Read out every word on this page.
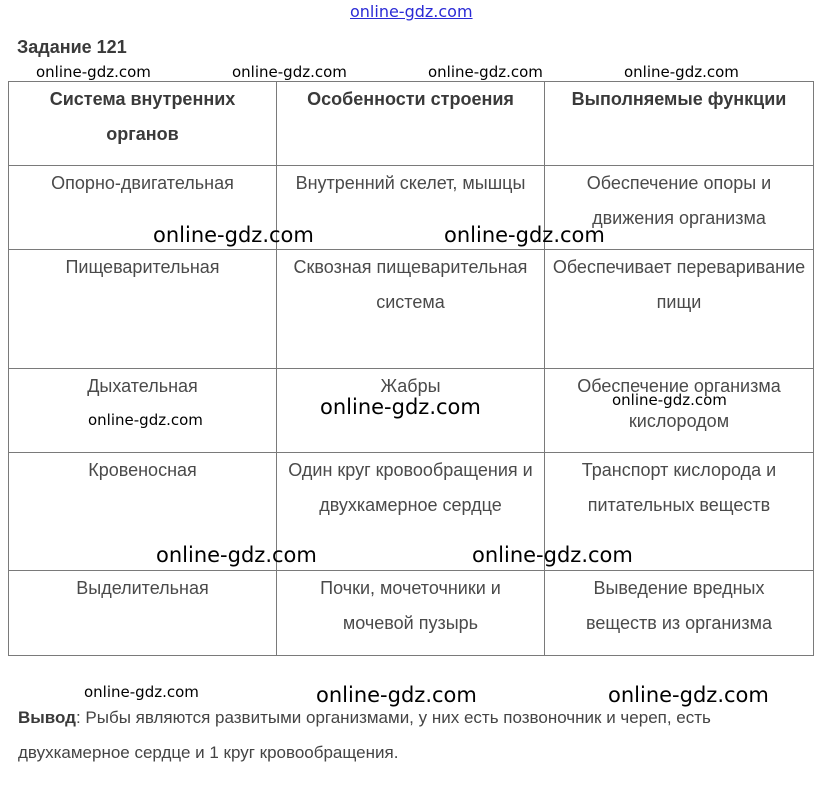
online-gdz.com
Задание 121
online-gdz.com	online-gdz.com	online-gdz.com	online-gdz.com
online-gdz.com	online-gdz.com
online-gdz.com
online-gdz.com
online-gdz.com
online-gdz.com	online-gdz.com
online-gdz.com	online-gdz.com	online-gdz.com
Система внутренних органов	Особенности строения	Выполняемые функции
Опорно-двигательная	Внутренний скелет, мышцы	Обеспечение опоры и движения организма
Пищеварительная	Сквозная пищеварительная система	Обеспечивает переваривание пищи
Дыхательная	Жабры	Обеспечение организма кислородом
Кровеносная	Один круг кровообращения и двухкамерное сердце	Транспорт кислорода и питательных веществ
Выделительная	Почки, мочеточники и мочевой пузырь	Выведение вредных веществ из организма
Вывод: Рыбы являются развитыми организмами, у них есть позвоночник и череп, есть двухкамерное сердце и 1 круг кровообращения.
